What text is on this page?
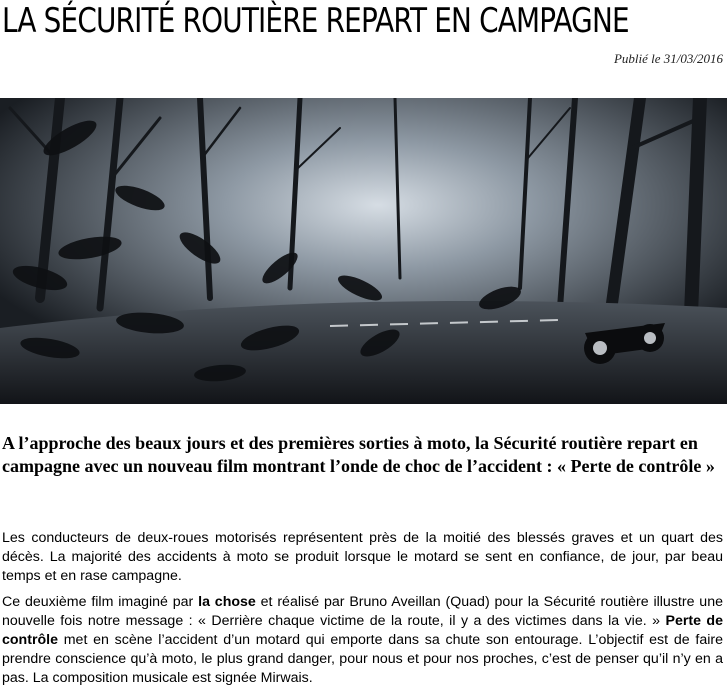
LA SÉCURITÉ ROUTIÈRE REPART EN CAMPAGNE
Publié le 31/03/2016

A l’approche des beaux jours et des premières sorties à moto, la Sécurité routière repart en campagne avec un nouveau film montrant l’onde de choc de l’accident : « Perte de contrôle »

Les conducteurs de deux-roues motorisés représentent près de la moitié des blessés graves et un quart des décès. La majorité des accidents à moto se produit lorsque le motard se sent en confiance, de jour, par beau temps et en rase campagne.

Ce deuxième film imaginé par la chose et réalisé par Bruno Aveillan (Quad) pour la Sécurité routière illustre une nouvelle fois notre message : « Derrière chaque victime de la route, il y a des victimes dans la vie. » Perte de contrôle met en scène l’accident d’un motard qui emporte dans sa chute son entourage. L’objectif est de faire prendre conscience qu’à moto, le plus grand danger, pour nous et pour nos proches, c’est de penser qu’il n’y en a pas. La composition musicale est signée Mirwais.
